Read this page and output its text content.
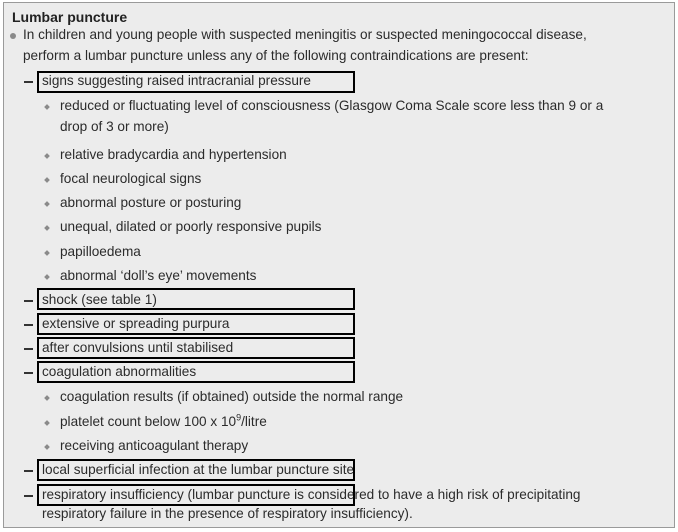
Lumbar puncture
In children and young people with suspected meningitis or suspected meningococcal disease,
perform a lumbar puncture unless any of the following contraindications are present:
signs suggesting raised intracranial pressure
reduced or fluctuating level of consciousness (Glasgow Coma Scale score less than 9 or a
drop of 3 or more)
relative bradycardia and hypertension
focal neurological signs
abnormal posture or posturing
unequal, dilated or poorly responsive pupils
papilloedema
abnormal ‘doll’s eye’ movements
shock (see table 1)
extensive or spreading purpura
after convulsions until stabilised
coagulation abnormalities
coagulation results (if obtained) outside the normal range
platelet count below 100 x $10^9$/litre
receiving anticoagulant therapy
local superficial infection at the lumbar puncture site
respiratory insufficiency (lumbar puncture is considered to have a high risk of precipitating
respiratory failure in the presence of respiratory insufficiency).
